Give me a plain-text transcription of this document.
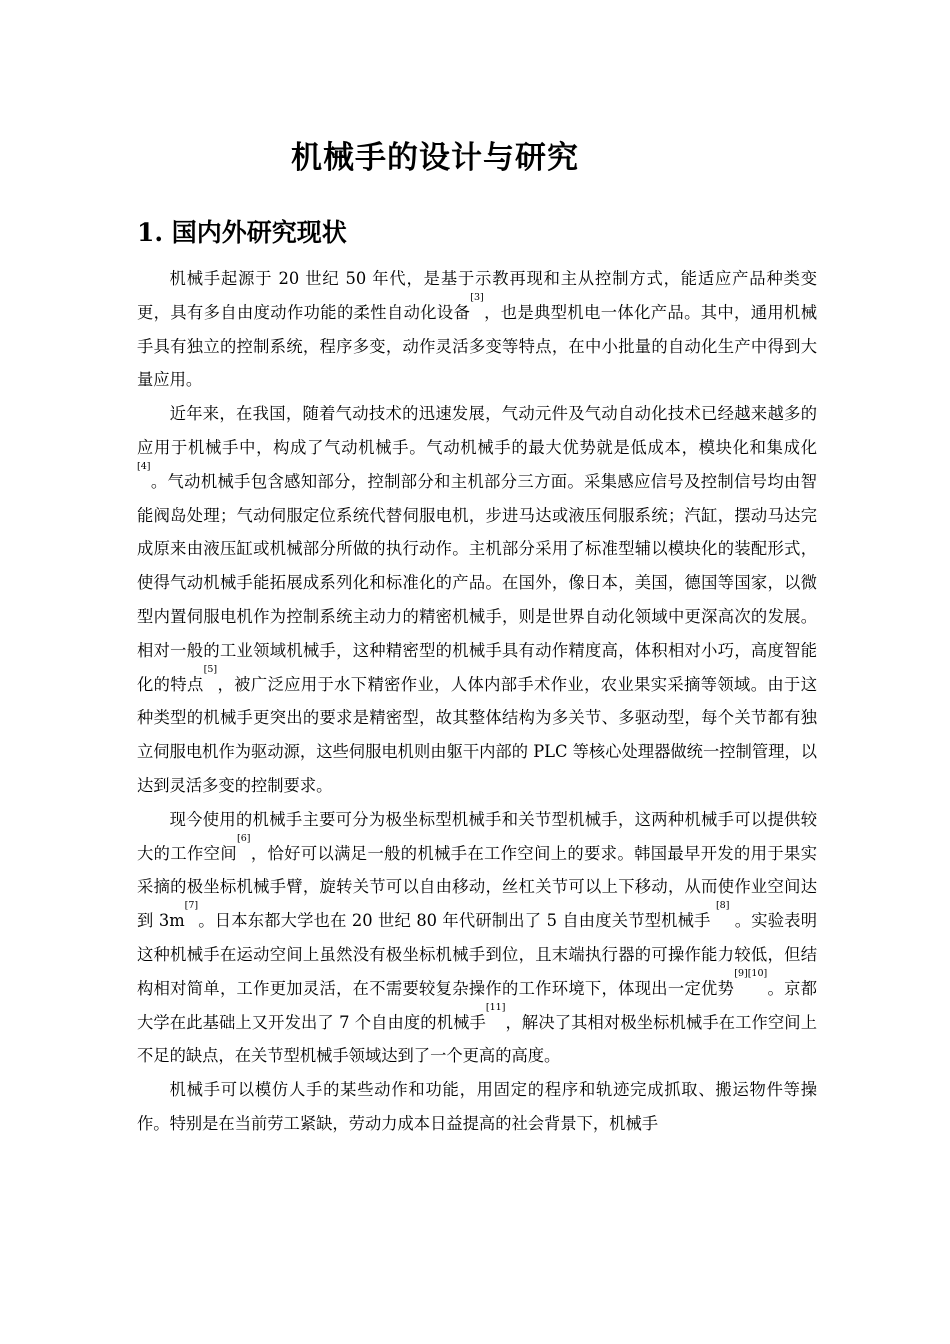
机械手的设计与研究
1. 国内外研究现状

机械手起源于 20 世纪 50 年代，是基于示教再现和主从控制方式，能适应产品种类变更，具有多自由度动作功能的柔性自动化设备[3]，也是典型机电一体化产品。其中，通用机械手具有独立的控制系统，程序多变，动作灵活多变等特点，在中小批量的自动化生产中得到大量应用。

近年来，在我国，随着气动技术的迅速发展，气动元件及气动自动化技术已经越来越多的应用于机械手中，构成了气动机械手。气动机械手的最大优势就是低成本，模块化和集成化[4]。气动机械手包含感知部分，控制部分和主机部分三方面。采集感应信号及控制信号均由智能阀岛处理；气动伺服定位系统代替伺服电机，步进马达或液压伺服系统；汽缸，摆动马达完成原来由液压缸或机械部分所做的执行动作。主机部分采用了标准型辅以模块化的装配形式，使得气动机械手能拓展成系列化和标准化的产品。在国外，像日本，美国，德国等国家，以微型内置伺服电机作为控制系统主动力的精密机械手，则是世界自动化领域中更深高次的发展。相对一般的工业领域机械手，这种精密型的机械手具有动作精度高，体积相对小巧，高度智能化的特点[5]，被广泛应用于水下精密作业，人体内部手术作业，农业果实采摘等领域。由于这种类型的机械手更突出的要求是精密型，故其整体结构为多关节、多驱动型，每个关节都有独立伺服电机作为驱动源，这些伺服电机则由躯干内部的 PLC 等核心处理器做统一控制管理，以达到灵活多变的控制要求。

现今使用的机械手主要可分为极坐标型机械手和关节型机械手，这两种机械手可以提供较大的工作空间[6]，恰好可以满足一般的机械手在工作空间上的要求。韩国最早开发的用于果实采摘的极坐标机械手臂，旋转关节可以自由移动，丝杠关节可以上下移动，从而使作业空间达到 3m[7]。日本东都大学也在 20 世纪 80 年代研制出了 5 自由度关节型机械手 [8] 。实验表明这种机械手在运动空间上虽然没有极坐标机械手到位，且末端执行器的可操作能力较低，但结构相对简单，工作更加灵活，在不需要较复杂操作的工作环境下，体现出一定优势[9][10]。京都大学在此基础上又开发出了 7 个自由度的机械手[11]，解决了其相对极坐标机械手在工作空间上不足的缺点，在关节型机械手领域达到了一个更高的高度。

机械手可以模仿人手的某些动作和功能，用固定的程序和轨迹完成抓取、搬运物件等操作。特别是在当前劳工紧缺，劳动力成本日益提高的社会背景下，机械手
